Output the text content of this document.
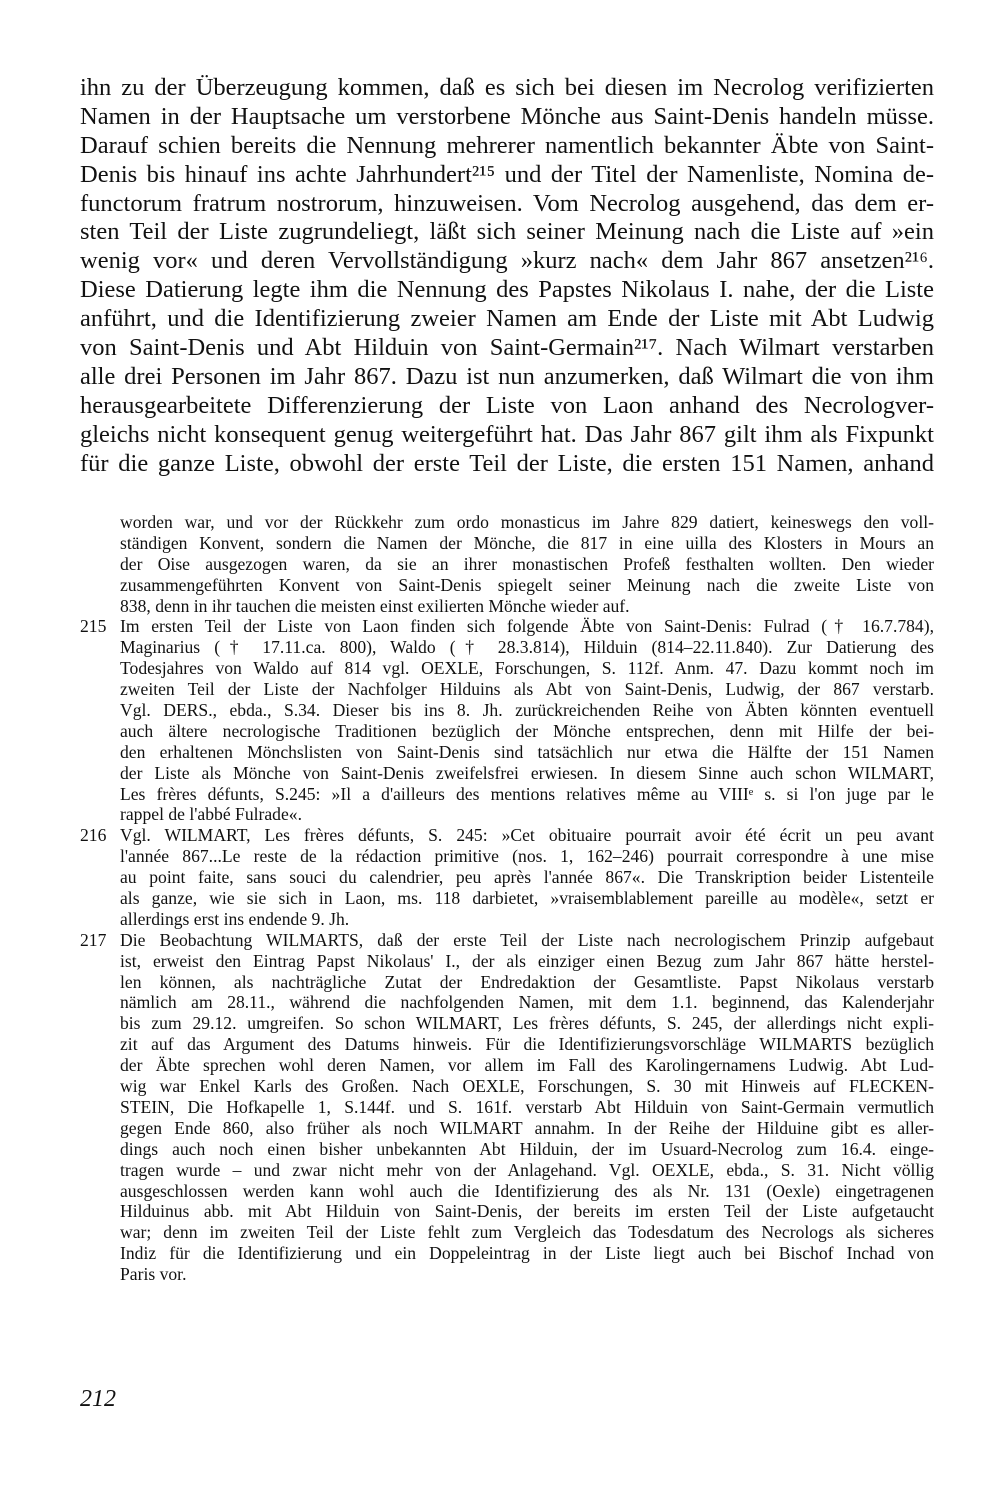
ihn zu der Überzeugung kommen, daß es sich bei diesen im Necrolog verifizierten
Namen in der Hauptsache um verstorbene Mönche aus Saint-Denis handeln müsse.
Darauf schien bereits die Nennung mehrerer namentlich bekannter Äbte von Saint-
Denis bis hinauf ins achte Jahrhundert²¹⁵ und der Titel der Namenliste, Nomina de-
functorum fratrum nostrorum, hinzuweisen. Vom Necrolog ausgehend, das dem er-
sten Teil der Liste zugrundeliegt, läßt sich seiner Meinung nach die Liste auf »ein
wenig vor« und deren Vervollständigung »kurz nach« dem Jahr 867 ansetzen²¹⁶.
Diese Datierung legte ihm die Nennung des Papstes Nikolaus I. nahe, der die Liste
anführt, und die Identifizierung zweier Namen am Ende der Liste mit Abt Ludwig
von Saint-Denis und Abt Hilduin von Saint-Germain²¹⁷. Nach Wilmart verstarben
alle drei Personen im Jahr 867. Dazu ist nun anzumerken, daß Wilmart die von ihm
herausgearbeitete Differenzierung der Liste von Laon anhand des Necrologver-
gleichs nicht konsequent genug weitergeführt hat. Das Jahr 867 gilt ihm als Fixpunkt
für die ganze Liste, obwohl der erste Teil der Liste, die ersten 151 Namen, anhand
worden war, und vor der Rückkehr zum ordo monasticus im Jahre 829 datiert, keineswegs den voll-
ständigen Konvent, sondern die Namen der Mönche, die 817 in eine uilla des Klosters in Mours an
der Oise ausgezogen waren, da sie an ihrer monastischen Profeß festhalten wollten. Den wieder
zusammengeführten Konvent von Saint-Denis spiegelt seiner Meinung nach die zweite Liste von
838, denn in ihr tauchen die meisten einst exilierten Mönche wieder auf.
215 Im ersten Teil der Liste von Laon finden sich folgende Äbte von Saint-Denis: Fulrad († 16.7.784),
Maginarius († 17.11.ca. 800), Waldo († 28.3.814), Hilduin (814–22.11.840). Zur Datierung des
Todesjahres von Waldo auf 814 vgl. OEXLE, Forschungen, S. 112f. Anm. 47. Dazu kommt noch im
zweiten Teil der Liste der Nachfolger Hilduins als Abt von Saint-Denis, Ludwig, der 867 verstarb.
Vgl. DERS., ebda., S.34. Dieser bis ins 8. Jh. zurückreichenden Reihe von Äbten könnten eventuell
auch ältere necrologische Traditionen bezüglich der Mönche entsprechen, denn mit Hilfe der bei-
den erhaltenen Mönchslisten von Saint-Denis sind tatsächlich nur etwa die Hälfte der 151 Namen
der Liste als Mönche von Saint-Denis zweifelsfrei erwiesen. In diesem Sinne auch schon WILMART,
Les frères défunts, S.245: »Il a d'ailleurs des mentions relatives même au VIIIᵉ s. si l'on juge par le
rappel de l'abbé Fulrade«.
216 Vgl. WILMART, Les frères défunts, S. 245: »Cet obituaire pourrait avoir été écrit un peu avant
l'année 867...Le reste de la rédaction primitive (nos. 1, 162–246) pourrait correspondre à une mise
au point faite, sans souci du calendrier, peu après l'année 867«. Die Transkription beider Listenteile
als ganze, wie sie sich in Laon, ms. 118 darbietet, »vraisemblablement pareille au modèle«, setzt er
allerdings erst ins endende 9. Jh.
217 Die Beobachtung WILMARTS, daß der erste Teil der Liste nach necrologischem Prinzip aufgebaut
ist, erweist den Eintrag Papst Nikolaus' I., der als einziger einen Bezug zum Jahr 867 hätte herstel-
len können, als nachträgliche Zutat der Endredaktion der Gesamtliste. Papst Nikolaus verstarb
nämlich am 28.11., während die nachfolgenden Namen, mit dem 1.1. beginnend, das Kalenderjahr
bis zum 29.12. umgreifen. So schon WILMART, Les frères défunts, S. 245, der allerdings nicht expli-
zit auf das Argument des Datums hinweis. Für die Identifizierungsvorschläge WILMARTS bezüglich
der Äbte sprechen wohl deren Namen, vor allem im Fall des Karolingernamens Ludwig. Abt Lud-
wig war Enkel Karls des Großen. Nach OEXLE, Forschungen, S. 30 mit Hinweis auf FLECKEN-
STEIN, Die Hofkapelle 1, S.144f. und S. 161f. verstarb Abt Hilduin von Saint-Germain vermutlich
gegen Ende 860, also früher als noch WILMART annahm. In der Reihe der Hilduine gibt es aller-
dings auch noch einen bisher unbekannten Abt Hilduin, der im Usuard-Necrolog zum 16.4. einge-
tragen wurde – und zwar nicht mehr von der Anlagehand. Vgl. OEXLE, ebda., S. 31. Nicht völlig
ausgeschlossen werden kann wohl auch die Identifizierung des als Nr. 131 (Oexle) eingetragenen
Hilduinus abb. mit Abt Hilduin von Saint-Denis, der bereits im ersten Teil der Liste aufgetaucht
war; denn im zweiten Teil der Liste fehlt zum Vergleich das Todesdatum des Necrologs als sicheres
Indiz für die Identifizierung und ein Doppeleintrag in der Liste liegt auch bei Bischof Inchad von
Paris vor.
212
